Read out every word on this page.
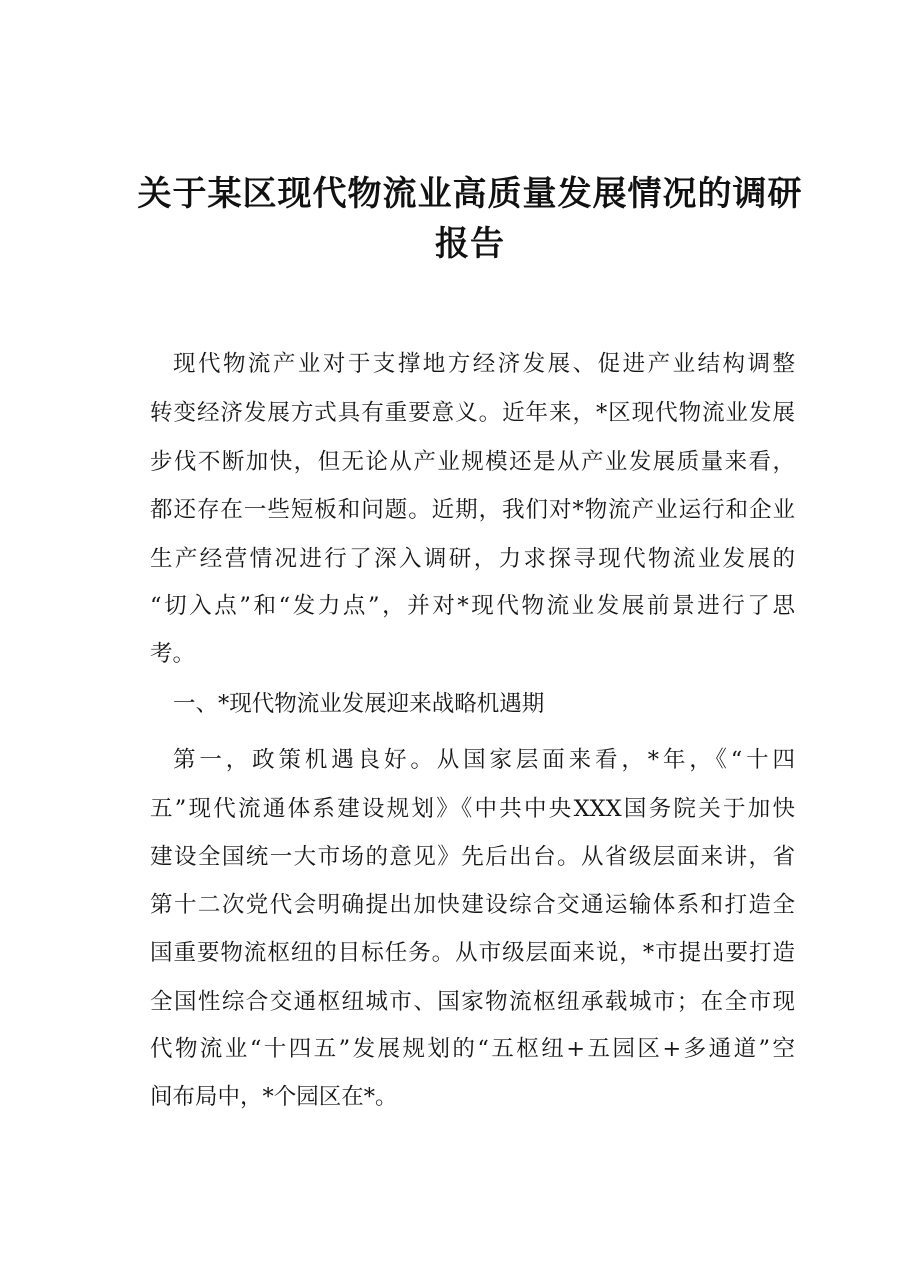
关于某区现代物流业高质量发展情况的调研
报告
现代物流产业对于支撑地方经济发展、促进产业结构调整
转变经济发展方式具有重要意义。近年来，*区现代物流业发展
步伐不断加快，但无论从产业规模还是从产业发展质量来看，
都还存在一些短板和问题。近期，我们对*物流产业运行和企业
生产经营情况进行了深入调研，力求探寻现代物流业发展的
“切入点”和“发力点”，并对*现代物流业发展前景进行了思
考。
一、*现代物流业发展迎来战略机遇期
第一，政策机遇良好。从国家层面来看，*年，《“十四
五”现代流通体系建设规划》《中共中央XXX国务院关于加快
建设全国统一大市场的意见》先后出台。从省级层面来讲，省
第十二次党代会明确提出加快建设综合交通运输体系和打造全
国重要物流枢纽的目标任务。从市级层面来说，*市提出要打造
全国性综合交通枢纽城市、国家物流枢纽承载城市；在全市现
代物流业“十四五”发展规划的“五枢纽+五园区+多通道”空
间布局中，*个园区在*。
